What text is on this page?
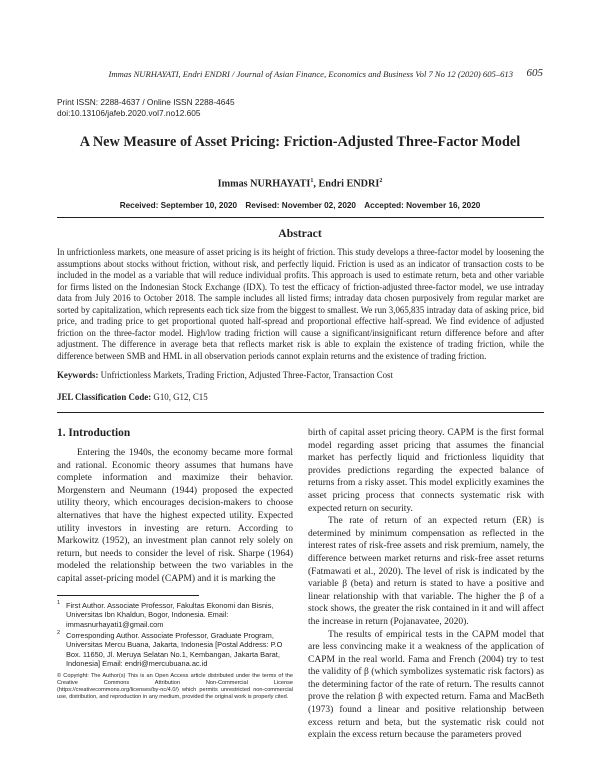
Immas NURHAYATI, Endri ENDRI / Journal of Asian Finance, Economics and Business Vol 7 No 12 (2020) 605–613 605
Print ISSN: 2288-4637 / Online ISSN 2288-4645
doi:10.13106/jafeb.2020.vol7.no12.605
A New Measure of Asset Pricing: Friction-Adjusted Three-Factor Model
Immas NURHAYATI$^1$, Endri ENDRI$^2$
Received: September 10, 2020 Revised: November 02, 2020 Accepted: November 16, 2020
Abstract
In unfrictionless markets, one measure of asset pricing is its height of friction. This study develops a three-factor model by loosening the assumptions about stocks without friction, without risk, and perfectly liquid. Friction is used as an indicator of transaction costs to be included in the model as a variable that will reduce individual profits. This approach is used to estimate return, beta and other variable for firms listed on the Indonesian Stock Exchange (IDX). To test the efficacy of friction-adjusted three-factor model, we use intraday data from July 2016 to October 2018. The sample includes all listed firms; intraday data chosen purposively from regular market are sorted by capitalization, which represents each tick size from the biggest to smallest. We run 3,065,835 intraday data of asking price, bid price, and trading price to get proportional quoted half-spread and proportional effective half-spread. We find evidence of adjusted friction on the three-factor model. High/low trading friction will cause a significant/insignificant return difference before and after adjustment. The difference in average beta that reflects market risk is able to explain the existence of trading friction, while the difference between SMB and HML in all observation periods cannot explain returns and the existence of trading friction.
Keywords: Unfrictionless Markets, Trading Friction, Adjusted Three-Factor, Transaction Cost
JEL Classification Code: G10, G12, C15
1. Introduction

Entering the 1940s, the economy became more formal and rational. Economic theory assumes that humans have complete information and maximize their behavior. Morgenstern and Neumann (1944) proposed the expected utility theory, which encourages decision-makers to choose alternatives that have the highest expected utility. Expected utility investors in investing are return. According to Markowitz (1952), an investment plan cannot rely solely on return, but needs to consider the level of risk. Sharpe (1964) modeled the relationship between the two variables in the capital asset-pricing model (CAPM) and it is marking the

birth of capital asset pricing theory. CAPM is the first formal model regarding asset pricing that assumes the financial market has perfectly liquid and frictionless liquidity that provides predictions regarding the expected balance of returns from a risky asset. This model explicitly examines the asset pricing process that connects systematic risk with expected return on security.

The rate of return of an expected return (ER) is determined by minimum compensation as reflected in the interest rates of risk-free assets and risk premium, namely, the difference between market returns and risk-free asset returns (Fatmawati et al., 2020). The level of risk is indicated by the variable β (beta) and return is stated to have a positive and linear relationship with that variable. The higher the β of a stock shows, the greater the risk contained in it and will affect the increase in return (Pojanavatee, 2020).

The results of empirical tests in the CAPM model that are less convincing make it a weakness of the application of CAPM in the real world. Fama and French (2004) try to test the validity of β (which symbolizes systematic risk factors) as the determining factor of the rate of return. The results cannot prove the relation β with expected return. Fama and MacBeth (1973) found a linear and positive relationship between excess return and beta, but the systematic risk could not explain the excess return because the parameters proved

1 First Author. Associate Professor, Fakultas Ekonomi dan Bisnis, Universitas Ibn Khaldun, Bogor, Indonesia. Email: immasnurhayati1@gmail.com
2 Corresponding Author. Associate Professor, Graduate Program, Universitas Mercu Buana, Jakarta, Indonesia [Postal Address: P.O Box. 11650, Jl. Meruya Selatan No.1, Kembangan, Jakarta Barat, Indonesia] Email: endri@mercubuana.ac.id
© Copyright: The Author(s) This is an Open Access article distributed under the terms of the Creative Commons Attribution Non-Commercial License (https://creativecommons.org/licenses/by-nc/4.0/) which permits unrestricted non-commercial use, distribution, and reproduction in any medium, provided the original work is properly cited.
